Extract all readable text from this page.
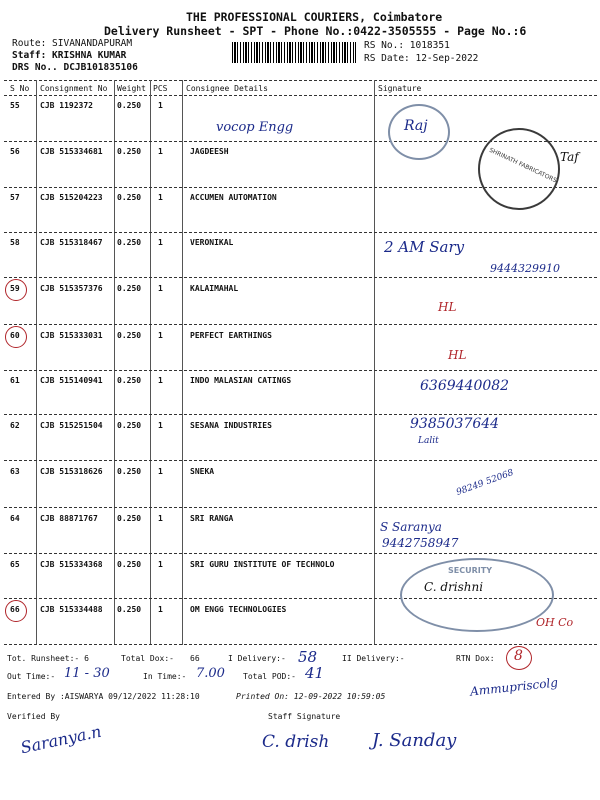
THE PROFESSIONAL COURIERS, Coimbatore
Delivery Runsheet - SPT - Phone No.:0422-3505555 - Page No.:6
Route: SIVANANDAPURAM
Staff: KRISHNA KUMAR
DRS No.. DCJB101835106
RS No.: 1018351
RS Date: 12-Sep-2022
S No Consignment No Weight PCS Consignee Details	Signature
55	CJB 1192372	0.250 1
56	CJB 515334681 0.250 1	JAGDEESH
57	CJB 515204223 0.250 1	ACCUMEN AUTOMATION
58	CJB 515318467 0.250 1	VERONIKAL
59	CJB 515357376 0.250 1	KALAIMAHAL
60	CJB 515333031 0.250 1	PERFECT EARTHINGS
61	CJB 515140941 0.250 1	INDO MALASIAN CATINGS
62	CJB 515251504 0.250 1	SESANA INDUSTRIES
63	CJB 515318626 0.250 1	SNEKA
64	CJB 88871767 0.250 1	SRI RANGA
65	CJB 515334368 0.250 1	SRI GURU INSTITUTE OF TECHNOLO
66	CJB 515334488 0.250 1	OM ENGG TECHNOLOGIES
SHRINATH FABRICATORS
SECURITY
vocop Engg	Raj
Taf
2 AM Sary
9444329910
HL
HL
6369440082
9385037644
Lalit
98249 52068
S Saranya
9442758947
C. drishni
OH Co
Tot. Runsheet:- 6	Total Dox:- 66	I Delivery:- 58	II Delivery:-	RTN Dox: 8
Out Time:- 11 - 30	In Time:- 7.00 Total POD:- 41
Entered By :AISWARYA 09/12/2022 11:28:10	Printed On: 12-09-2022 10:59:05	Ammupriscolg
Verified By	Staff Signature
Saranya.n	C. drish J. Sanday
